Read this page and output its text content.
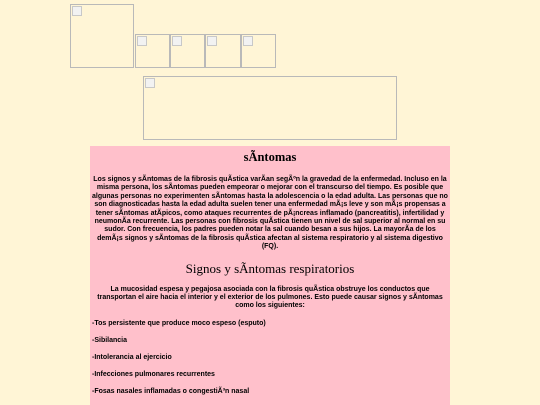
sÃntomas

Los signos y sÃntomas de la fibrosis quÃstica varÃan segÃºn la gravedad de la enfermedad. Incluso en la misma persona, los sÃntomas pueden empeorar o mejorar con el transcurso del tiempo. Es posible que algunas personas no experimenten sÃntomas hasta la adolescencia o la edad adulta. Las personas que no son diagnosticadas hasta la edad adulta suelen tener una enfermedad mÃ¡s leve y son mÃ¡s propensas a tener sÃntomas atÃpicos, como ataques recurrentes de pÃ¡ncreas inflamado (pancreatitis), infertilidad y neumonÃa recurrente. Las personas con fibrosis quÃstica tienen un nivel de sal superior al normal en su sudor. Con frecuencia, los padres pueden notar la sal cuando besan a sus hijos. La mayorÃa de los demÃ¡s signos y sÃntomas de la fibrosis quÃstica afectan al sistema respiratorio y al sistema digestivo (FQ).

Signos y sÃntomas respiratorios

La mucosidad espesa y pegajosa asociada con la fibrosis quÃstica obstruye los conductos que transportan el aire hacia el interior y el exterior de los pulmones. Esto puede causar signos y sÃntomas como los siguientes:

-Tos persistente que produce moco espeso (esputo)
-Sibilancia
-Intolerancia al ejercicio
-Infecciones pulmonares recurrentes
-Fosas nasales inflamadas o congestiÃ³n nasal
